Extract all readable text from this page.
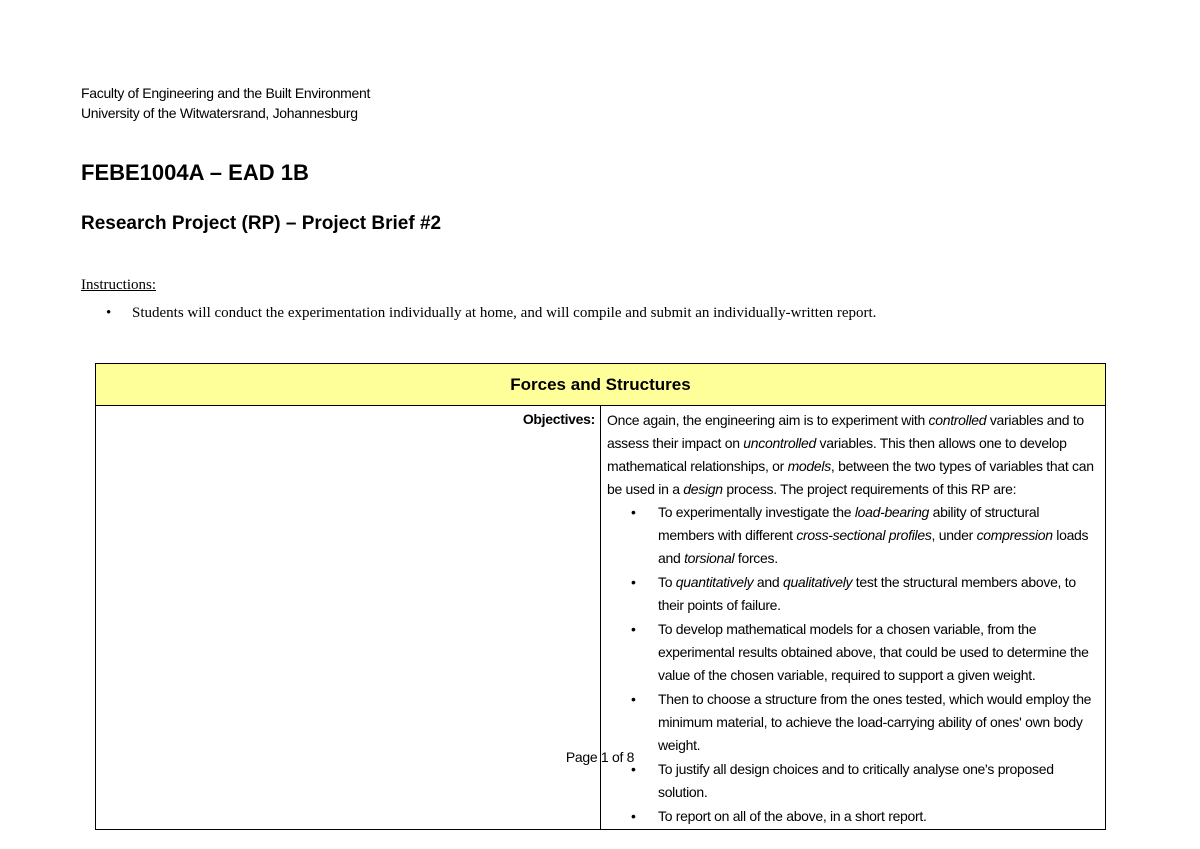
Faculty of Engineering and the Built Environment
University of the Witwatersrand, Johannesburg
FEBE1004A – EAD 1B
Research Project (RP) – Project Brief #2
Instructions:
• Students will conduct the experimentation individually at home, and will compile and submit an individually-written report.
Forces and Structures
Objectives:	Once again, the engineering aim is to experiment with controlled variables and to assess their impact on uncontrolled variables. This then allows one to develop mathematical relationships, or models, between the two types of variables that can be used in a design process. The project requirements of this RP are:
• To experimentally investigate the load-bearing ability of structural members with different cross-sectional profiles, under compression loads and torsional forces.
• To quantitatively and qualitatively test the structural members above, to their points of failure.
• To develop mathematical models for a chosen variable, from the experimental results obtained above, that could be used to determine the value of the chosen variable, required to support a given weight.
• Then to choose a structure from the ones tested, which would employ the minimum material, to achieve the load-carrying ability of ones' own body weight.
• To justify all design choices and to critically analyse one's proposed solution.
• To report on all of the above, in a short report.
Page 1 of 8
